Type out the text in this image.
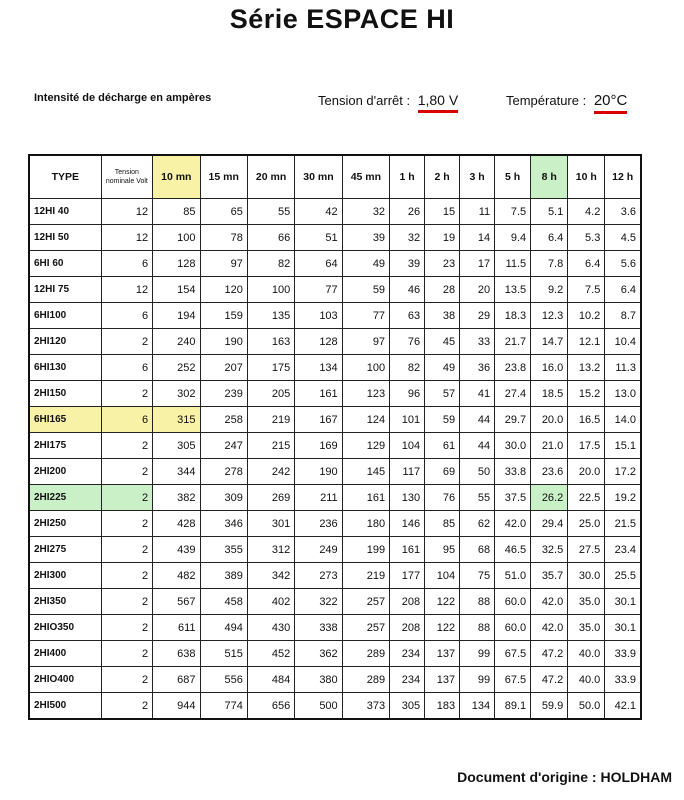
Série ESPACE HI
Intensité de décharge en ampères	Tension d'arrêt : 1,80 V	Température : 20°C
TYPE	Tension nominale Volt	10 mn	15 mn	20 mn	30 mn	45 mn	1 h	2 h	3 h	5 h	8 h	10 h	12 h
12HI 40	12	85	65	55	42	32	26	15	11	7.5	5.1	4.2	3.6
12HI 50	12	100	78	66	51	39	32	19	14	9.4	6.4	5.3	4.5
6HI 60	6	128	97	82	64	49	39	23	17	11.5	7.8	6.4	5.6
12HI 75	12	154	120	100	77	59	46	28	20	13.5	9.2	7.5	6.4
6HI100	6	194	159	135	103	77	63	38	29	18.3	12.3	10.2	8.7
2HI120	2	240	190	163	128	97	76	45	33	21.7	14.7	12.1	10.4
6HI130	6	252	207	175	134	100	82	49	36	23.8	16.0	13.2	11.3
2HI150	2	302	239	205	161	123	96	57	41	27.4	18.5	15.2	13.0
6HI165	6	315	258	219	167	124	101	59	44	29.7	20.0	16.5	14.0
2HI175	2	305	247	215	169	129	104	61	44	30.0	21.0	17.5	15.1
2HI200	2	344	278	242	190	145	117	69	50	33.8	23.6	20.0	17.2
2HI225	2	382	309	269	211	161	130	76	55	37.5	26.2	22.5	19.2
2HI250	2	428	346	301	236	180	146	85	62	42.0	29.4	25.0	21.5
2HI275	2	439	355	312	249	199	161	95	68	46.5	32.5	27.5	23.4
2HI300	2	482	389	342	273	219	177	104	75	51.0	35.7	30.0	25.5
2HI350	2	567	458	402	322	257	208	122	88	60.0	42.0	35.0	30.1
2HIO350	2	611	494	430	338	257	208	122	88	60.0	42.0	35.0	30.1
2HI400	2	638	515	452	362	289	234	137	99	67.5	47.2	40.0	33.9
2HIO400	2	687	556	484	380	289	234	137	99	67.5	47.2	40.0	33.9
2HI500	2	944	774	656	500	373	305	183	134	89.1	59.9	50.0	42.1
Document d'origine : HOLDHAM
